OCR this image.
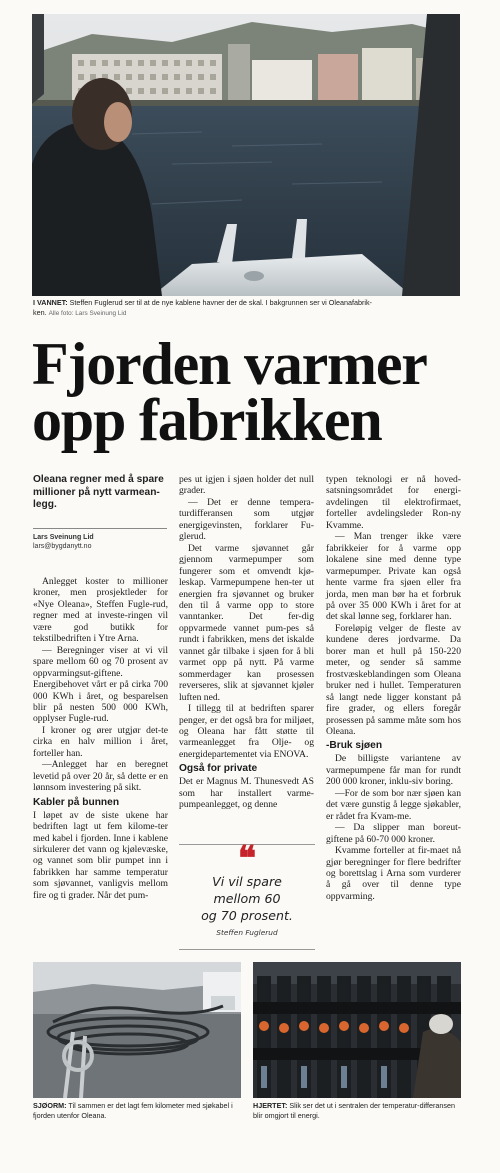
I VANNET: Steffen Fuglerud ser til at de nye kablene havner der de skal. I bakgrunnen ser vi Oleanafabrik-
ken. Alle foto: Lars Sveinung Lid
Fjorden varmer
opp fabrikken
Oleana regner med å spare millioner på nytt varmean-legg.
Lars Sveinung Lid
lars@bygdanytt.no

Anlegget koster to millioner kroner, men prosjektleder for «Nye Oleana», Steffen Fugle-rud, regner med at investe-ringen vil være god butikk for tekstilbedriften i Ytre Arna.

— Beregninger viser at vi vil spare mellom 60 og 70 prosent av oppvarmingsut-giftene. Energibehovet vårt er på cirka 700 000 KWh i året, og besparelsen blir på nesten 500 000 KWh, opplyser Fugle-rud.

I kroner og ører utgjør det-te cirka en halv million i året, forteller han.

—Anlegget har en beregnet levetid på over 20 år, så dette er en lønnsom investering på sikt.

Kabler på bunnen

I løpet av de siste ukene har bedriften lagt ut fem kilome-ter med kabel i fjorden. Inne i kablene sirkulerer det vann og kjølevæske, og vannet som blir pumpet inn i fabrikken har samme temperatur som sjøvannet, vanligvis mellom fire og ti grader. Når det pum-

pes ut igjen i sjøen holder det null grader.

— Det er denne tempera-turdifferansen som utgjør energigevinsten, forklarer Fu-glerud.

Det varme sjøvannet går gjennom varmepumper som fungerer som et omvendt kjø-leskap. Varmepumpene hen-ter ut energien fra sjøvannet og bruker den til å varme opp to store vanntanker. Det fer-dig oppvarmede vannet pum-pes så rundt i fabrikken, mens det iskalde vannet går tilbake i sjøen for å bli varmet opp på nytt. På varme sommerdager kan prosessen reverseres, slik at sjøvannet kjøler luften ned.

I tillegg til at bedriften sparer penger, er det også bra for miljøet, og Oleana har fått støtte til varmeanlegget fra Olje- og energidepartementet via ENOVA.

Også for private

Det er Magnus M. Thunesvedt AS som har installert varme-pumpeanlegget, og denne

❝
Vi vil spare
mellom 60
og 70 prosent.
Steffen Fuglerud

typen teknologi er nå hoved-satsningsområdet for energi-avdelingen til elektrofirmaet, forteller avdelingsleder Ron-ny Kvamme.

— Man trenger ikke være fabrikkeier for å varme opp lokalene sine med denne type varmepumper. Private kan også hente varme fra sjøen eller fra jorda, men man bør ha et forbruk på over 35 000 KWh i året for at det skal lønne seg, forklarer han.

Foreløpig velger de fleste av kundene deres jordvarme. Da borer man et hull på 150-220 meter, og sender så samme frostvæskeblandingen som Oleana bruker ned i hullet. Temperaturen så langt nede ligger konstant på fire grader, og ellers foregår prosessen på samme måte som hos Oleana.

-Bruk sjøen

De billigste variantene av varmepumpene får man for rundt 200 000 kroner, inklu-siv boring.

—For de som bor nær sjøen kan det være gunstig å legge sjøkabler, er rådet fra Kvam-me.

— Da slipper man boreut-giftene på 60-70 000 kroner.

Kvamme forteller at fir-maet nå gjør beregninger for flere bedrifter og borettslag i Arna som vurderer å gå over til denne type oppvarming.

SJØORM: Til sammen er det lagt fem kilometer med sjøkabel i fjorden utenfor Oleana.
HJERTET: Slik ser det ut i sentralen der temperatur-differansen blir omgjort til energi.
